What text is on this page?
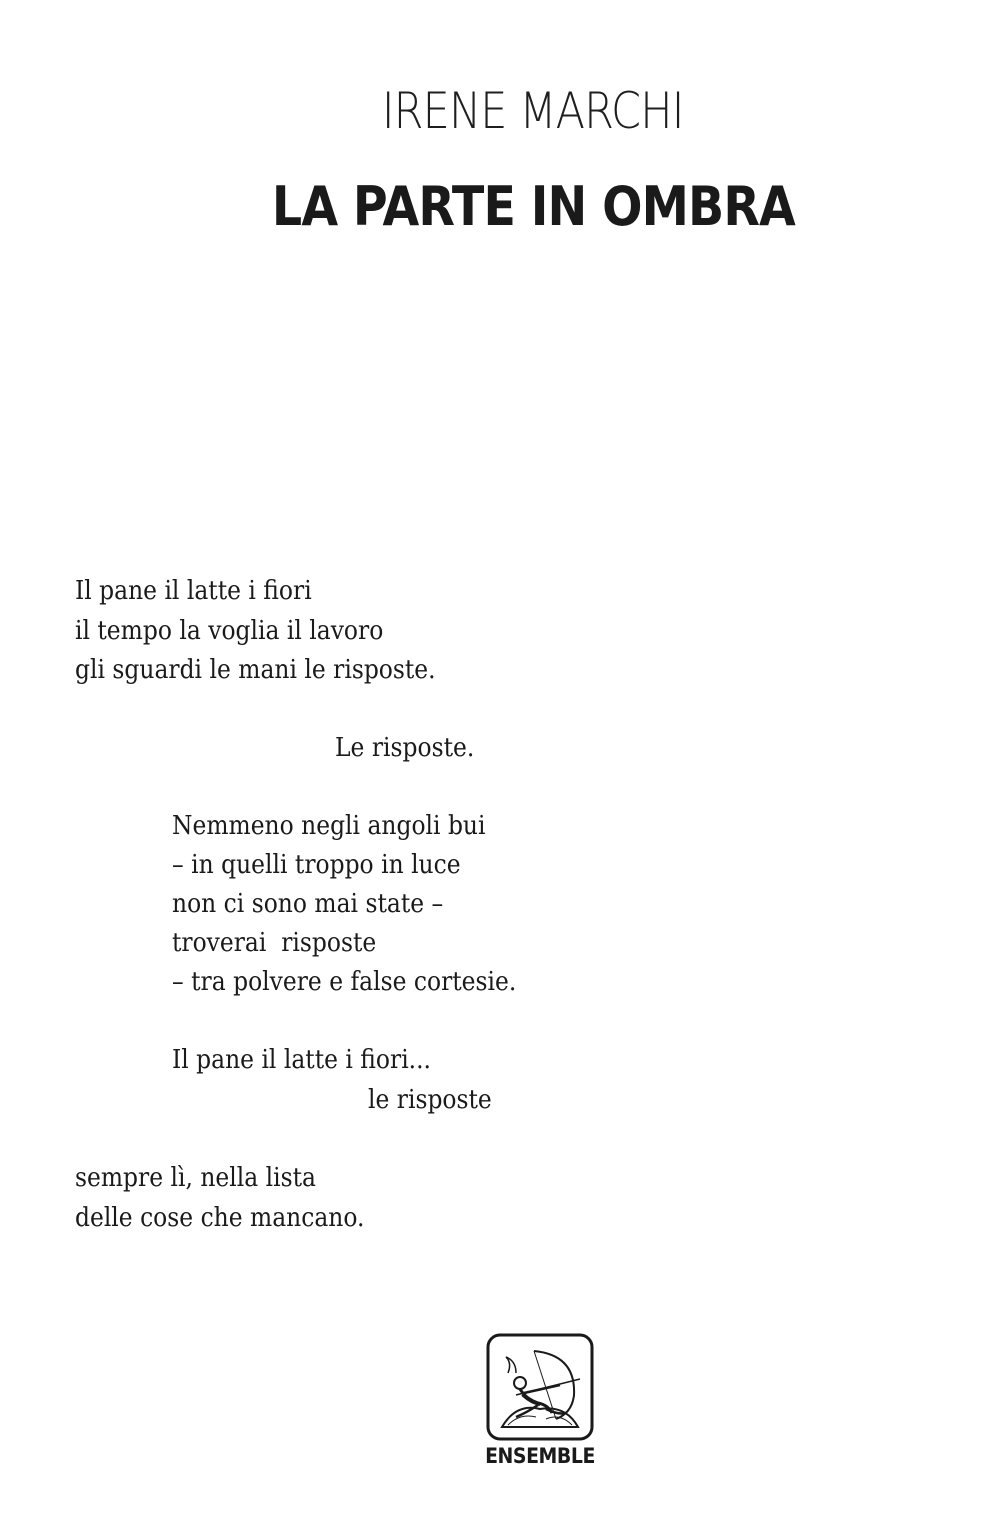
IRENE MARCHI
LA PARTE IN OMBRA
Il pane il latte i fiori
il tempo la voglia il lavoro
gli sguardi le mani le risposte.
Le risposte.
Nemmeno negli angoli bui
– in quelli troppo in luce
non ci sono mai state –
troverai  risposte
– tra polvere e false cortesie.
Il pane il latte i fiori...
le risposte
sempre lì, nella lista
delle cose che mancano.
ENSEMBLE
